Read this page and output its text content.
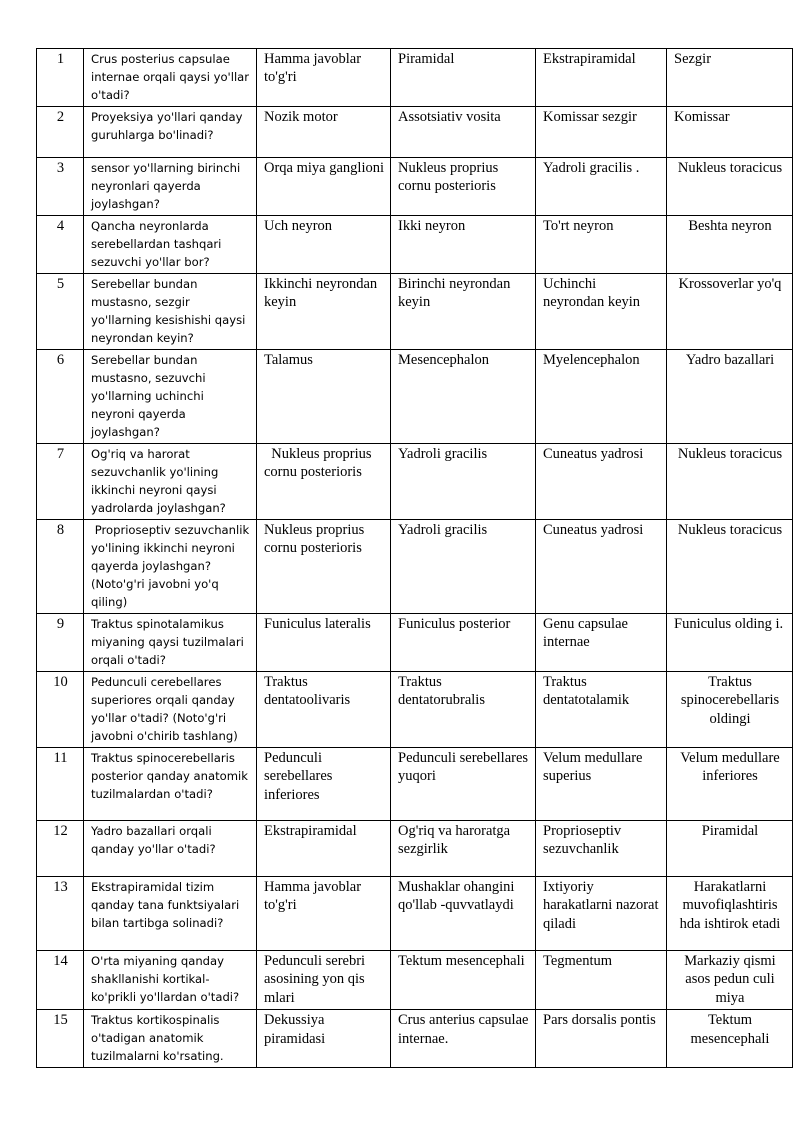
1	Crus posterius capsulae internae orqali qaysi yo'llar o'tadi?	Hamma javoblar to'g'ri	Piramidal	Ekstrapiramidal	Sezgir
2	Proyeksiya yo'llari qanday guruhlarga bo'linadi?	Nozik motor	Assotsiativ vosita	Komissar sezgir	Komissar
3	sensor yo'llarning birinchi neyronlari qayerda joylashgan?	Orqa miya ganglioni	Nukleus proprius cornu posterioris	Yadroli gracilis .	Nukleus toracicus
4	Qancha neyronlarda serebellardan tashqari sezuvchi yo'llar bor?	Uch neyron	Ikki neyron	To'rt neyron	Beshta neyron
5	Serebellar bundan mustasno, sezgir yo'llarning kesishishi qaysi neyrondan keyin?	Ikkinchi neyrondan keyin	Birinchi neyrondan keyin	Uchinchi neyrondan keyin	Krossoverlar yo'q
6	Serebellar bundan mustasno, sezuvchi yo'llarning uchinchi neyroni qayerda joylashgan?	Talamus	Mesencephalon	Myelencephalon	Yadro bazallari
7	Og'riq va harorat sezuvchanlik yo'lining ikkinchi neyroni qaysi yadrolarda joylashgan?	Nukleus proprius cornu posterioris	Yadroli gracilis	Cuneatus yadrosi	Nukleus toracicus
8	Proprioseptiv sezuvchanlik yo'lining ikkinchi neyroni qayerda joylashgan? (Noto'g'ri javobni yo'q qiling)	Nukleus proprius cornu posterioris	Yadroli gracilis	Cuneatus yadrosi	Nukleus toracicus
9	Traktus spinotalamikus miyaning qaysi tuzilmalari orqali o'tadi?	Funiculus lateralis	Funiculus posterior	Genu capsulae internae	Funiculus olding i.
10	Pedunculi cerebellares superiores orqali qanday yo'llar o'tadi? (Noto'g'ri javobni o'chirib tashlang)	Traktus dentatoolivaris	Traktus dentatorubralis	Traktus dentatotalamik	Traktus spinocerebellaris oldingi
11	Traktus spinocerebellaris posterior qanday anatomik tuzilmalardan o'tadi?	Pedunculi serebellares inferiores	Pedunculi serebellares yuqori	Velum medullare superius	Velum medullare inferiores
12	Yadro bazallari orqali qanday yo'llar o'tadi?	Ekstrapiramidal	Og'riq va haroratga sezgirlik	Proprioseptiv sezuvchanlik	Piramidal
13	Ekstrapiramidal tizim qanday tana funktsiyalari bilan tartibga solinadi?	Hamma javoblar to'g'ri	Mushaklar ohangini qo'llab -quvvatlaydi	Ixtiyoriy harakatlarni nazorat qiladi	Harakatlarni muvofiqlashtiris hda ishtirok etadi
14	O'rta miyaning qanday shakllanishi kortikal-ko'prikli yo'llardan o'tadi?	Pedunculi serebri asosining yon qis mlari	Tektum mesencephali	Tegmentum	Markaziy qismi asos pedun culi miya
15	Traktus kortikospinalis o'tadigan anatomik tuzilmalarni ko'rsating.	Dekussiya piramidasi	Crus anterius capsulae internae.	Pars dorsalis pontis	Tektum mesencephali
